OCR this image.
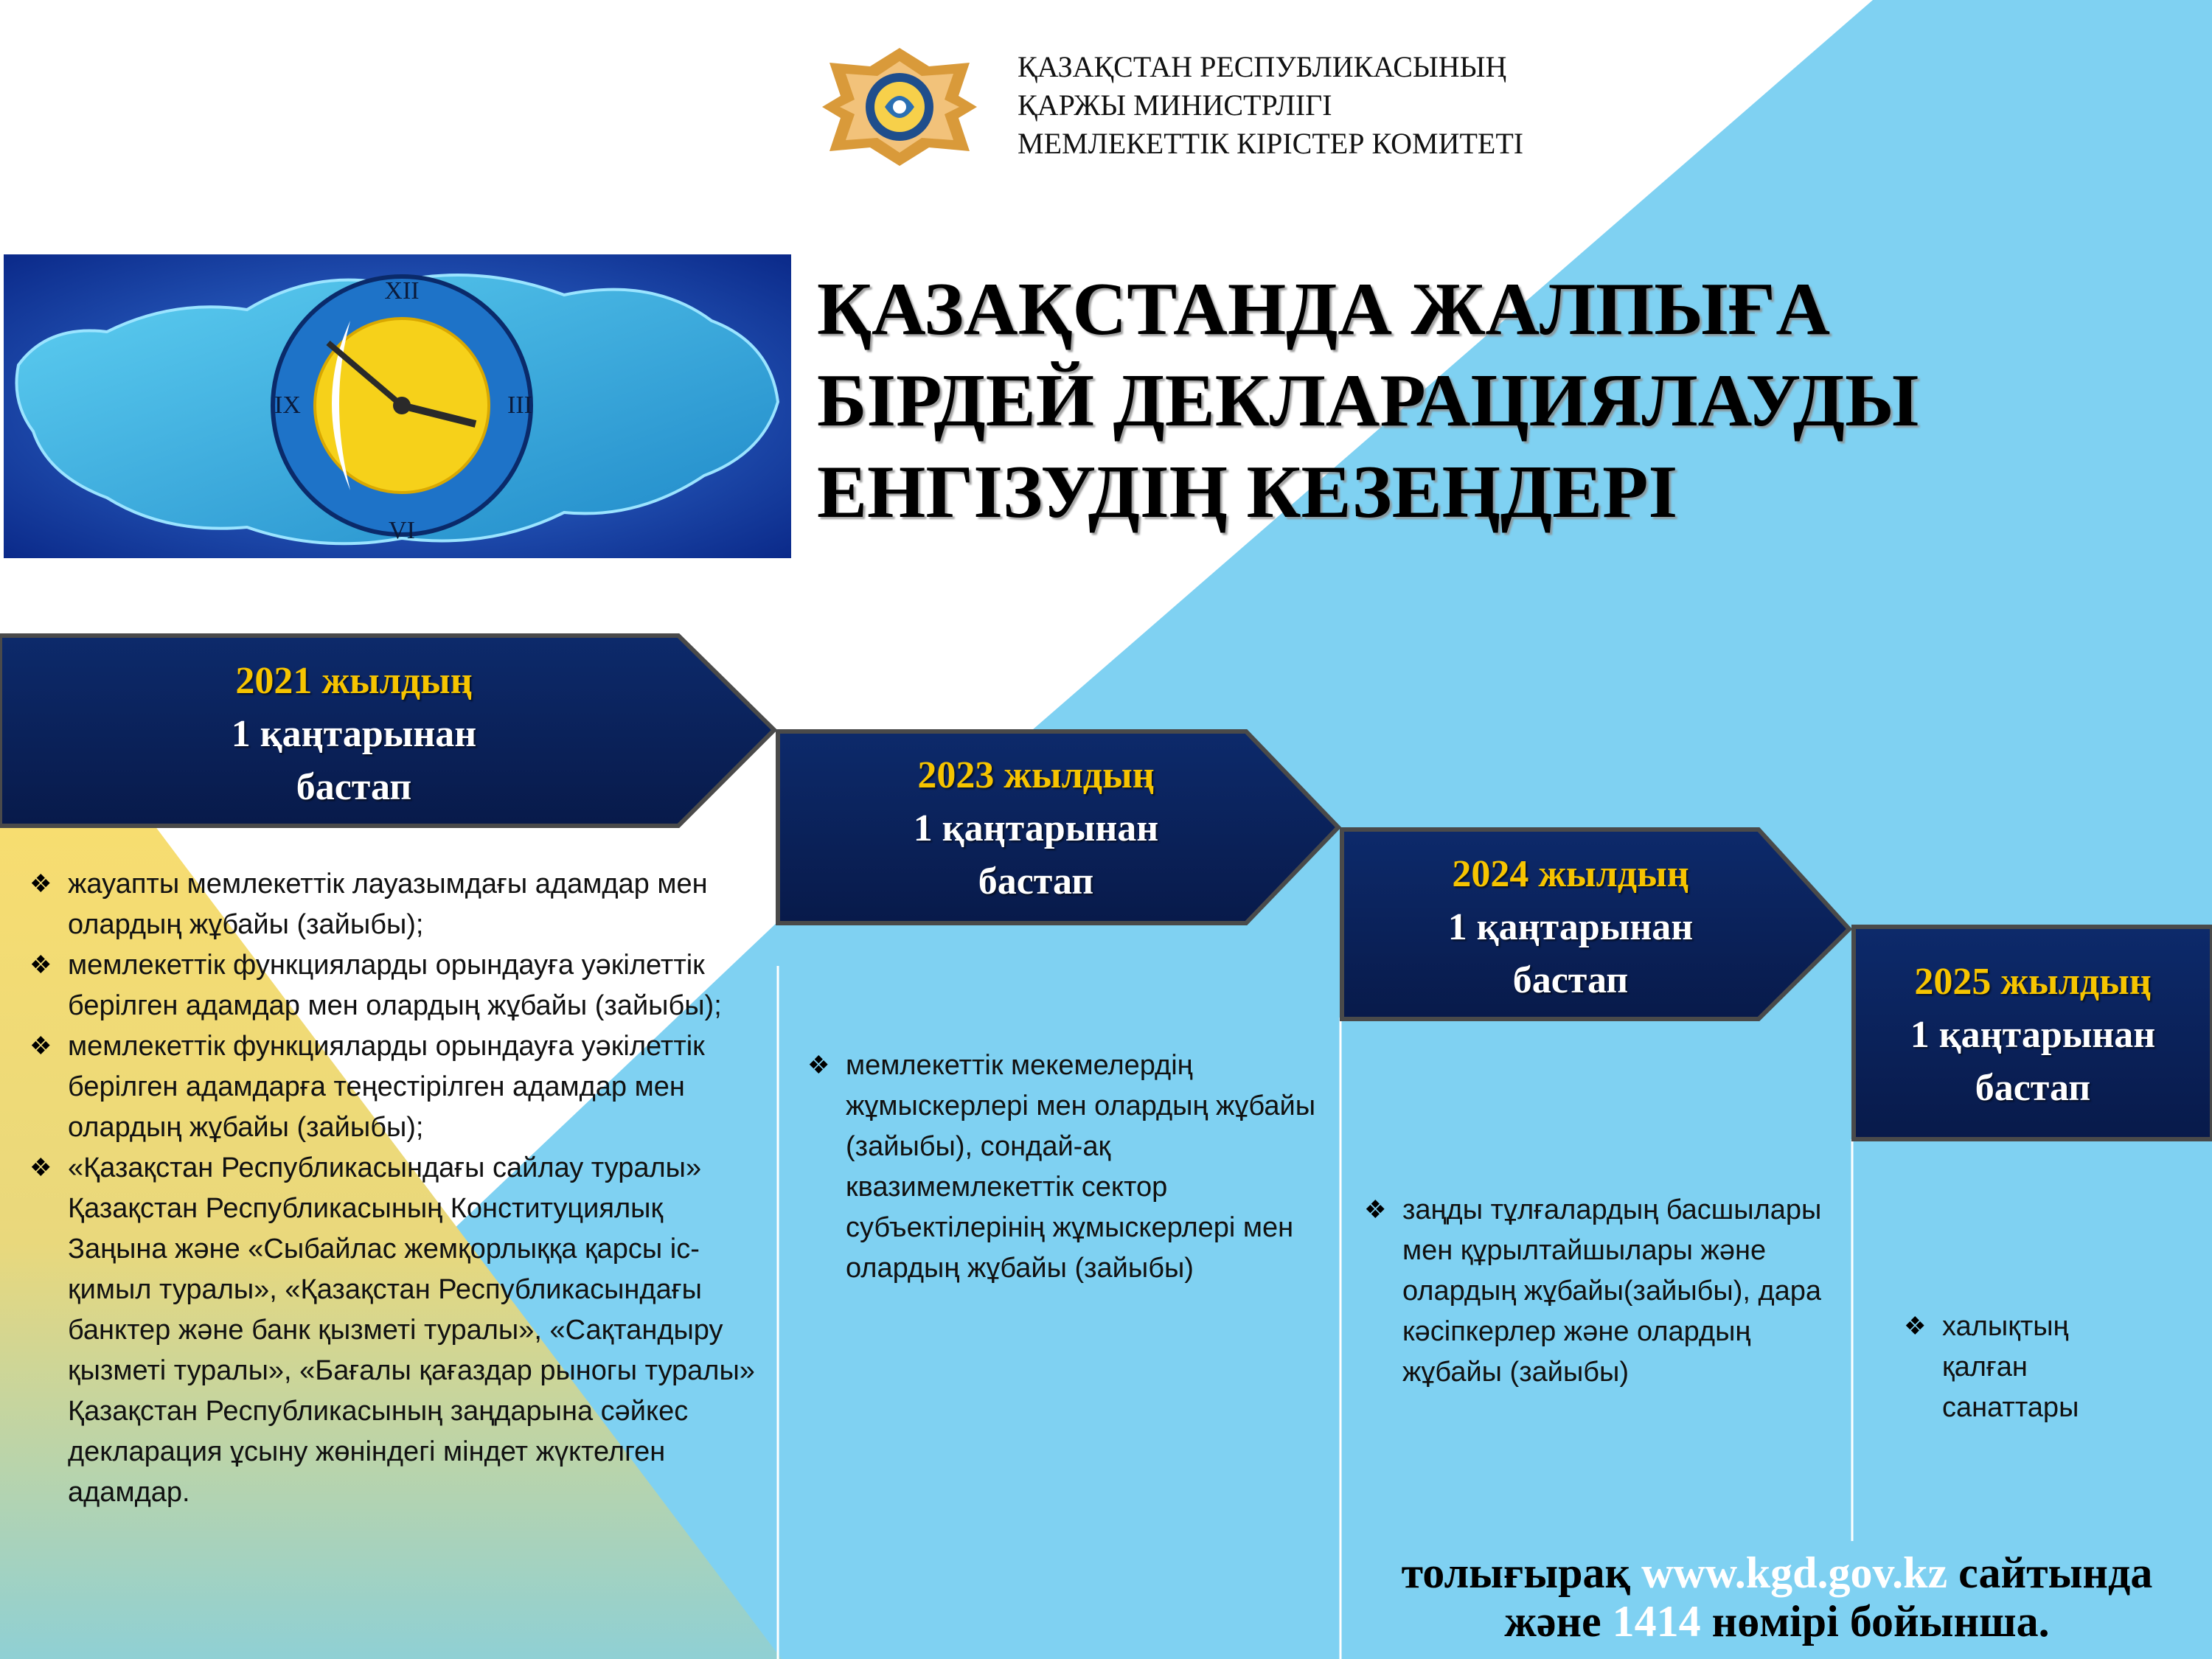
ҚАЗАҚСТАН РЕСПУБЛИКАСЫНЫҢ
ҚАРЖЫ МИНИСТРЛІГІ
МЕМЛЕКЕТТІК КІРІСТЕР КОМИТЕТІ
XII
VI
IX	III
ҚАЗАҚСТАНДА ЖАЛПЫҒА
БІРДЕЙ ДЕКЛАРАЦИЯЛАУДЫ
ЕНГІЗУДІҢ КЕЗЕҢДЕРІ
2021 жылдың
1 қаңтарынан
бастап	2023 жылдың
1 қаңтарынан
бастап	2024 жылдың
1 қаңтарынан
бастап	2025 жылдың
1 қаңтарынан
бастап
❖ жауапты мемлекеттік лауазымдағы адамдар мен олардың жұбайы (зайыбы);
❖ мемлекеттік функцияларды орындауға уәкілеттік берілген адамдар мен олардың жұбайы (зайыбы);
❖ мемлекеттік функцияларды орындауға уәкілеттік берілген адамдарға теңестірілген адамдар мен олардың жұбайы (зайыбы);
❖ «Қазақстан Республикасындағы сайлау туралы» Қазақстан Республикасының Конституциялық Заңына және «Сыбайлас жемқорлыққа қарсы іс-қимыл туралы», «Қазақстан Республикасындағы банктер және банк қызметі туралы», «Сақтандыру қызметі туралы», «Бағалы қағаздар рыногы туралы» Қазақстан Республикасының заңдарына сәйкес декларация ұсыну жөніндегі міндет жүктелген адамдар.
❖ мемлекеттік мекемелердің жұмыскерлері мен олардың жұбайы (зайыбы), сондай-ақ квазимемлекеттік сектор субъектілерінің жұмыскерлері мен олардың жұбайы (зайыбы)
❖ заңды тұлғалардың басшылары мен құрылтайшылары және олардың жұбайы(зайыбы), дара кәсіпкерлер және олардың жұбайы (зайыбы)
❖ халықтың қалған санаттары
толығырақ www.kgd.gov.kz сайтында
және 1414 нөмірі бойынша.
